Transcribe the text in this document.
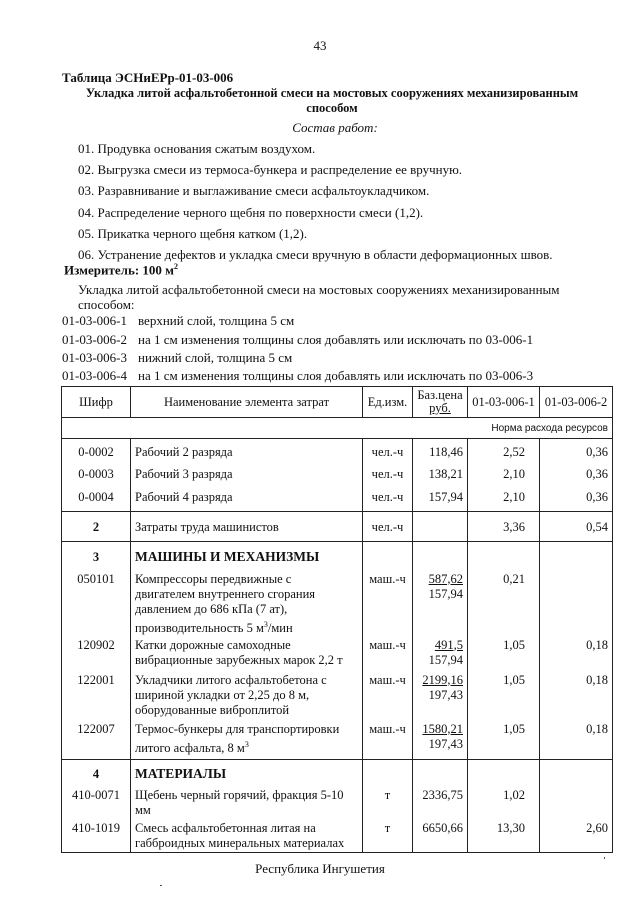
43
Таблица ЭСНиЕРр-01-03-006
Укладка литой асфальтобетонной смеси на мостовых сооружениях механизированным способом
Состав работ:
01. Продувка основания сжатым воздухом.
02. Выгрузка смеси из термоса-бункера и распределение ее вручную.
03. Разравнивание и выглаживание смеси асфальтоукладчиком.
04. Распределение черного щебня по поверхности смеси (1,2).
05. Прикатка черного щебня катком (1,2).
06. Устранение дефектов и укладка смеси вручную в области деформационных швов.
Измеритель: 100 $м^2$
Укладка литой асфальтобетонной смеси на мостовых сооружениях механизированным способом:
01-03-006-1 верхний слой, толщина 5 см
01-03-006-2 на 1 см изменения толщины слоя добавлять или исключать по 03-006-1
01-03-006-3 нижний слой, толщина 5 см
01-03-006-4 на 1 см изменения толщины слоя добавлять или исключать по 03-006-3
Шифр	Наименование элемента затрат	Ед.изм.	Баз.цена
руб.	01-03-006-1	01-03-006-2
Норма расхода ресурсов					
0-0002	Рабочий 2 разряда	чел.-ч	118,46	2,52	0,36
0-0003	Рабочий 3 разряда	чел.-ч	138,21	2,10	0,36
0-0004	Рабочий 4 разряда	чел.-ч	157,94	2,10	0,36
2	Затраты труда машинистов	чел.-ч		3,36	0,54
3	МАШИНЫ И МЕХАНИЗМЫ				
050101	Компрессоры передвижные с
двигателем внутреннего сгорания
давлением до 686 кПа (7 ат),
производительность 5 $м^3$/мин	маш.-ч	587,62
157,94	0,21	
120902	Катки дорожные самоходные
вибрационные зарубежных марок 2,2 т	маш.-ч	491,5
157,94	1,05	0,18
122001	Укладчики литого асфальтобетона с
шириной укладки от 2,25 до 8 м,
оборудованные виброплитой	маш.-ч	2199,16
197,43	1,05	0,18
122007	Термос-бункеры для транспортировки
литого асфальта, 8 $м^3$	маш.-ч	1580,21
197,43	1,05	0,18
4	МАТЕРИАЛЫ				
410-0071	Щебень черный горячий, фракция 5-10
мм	т	2336,75	1,02	
410-1019	Смесь асфальтобетонная литая на
габброидных минеральных материалах	т	6650,66	13,30	2,60
Республика Ингушетия
